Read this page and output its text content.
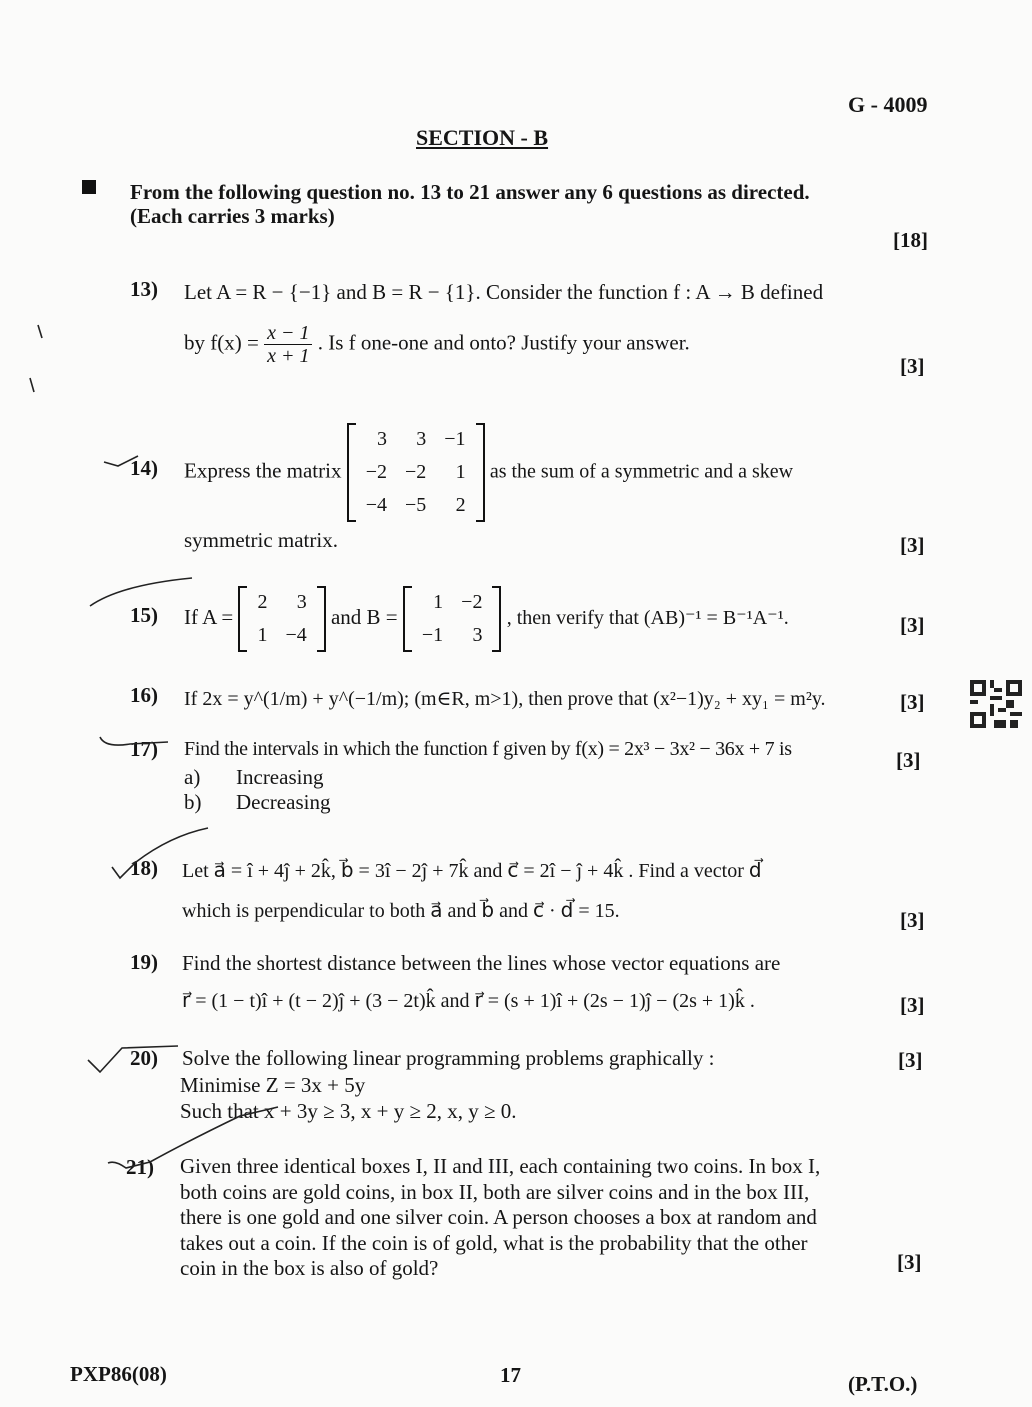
G - 4009
SECTION - B
From the following question no. 13 to 21 answer any 6 questions as directed.
(Each carries 3 marks)
[18]
13) Let A = R − {−1} and B = R − {1}. Consider the function f : A → B defined
by $f(x) = \frac{x - 1}{x + 1}$ . Is f one-one and onto? Justify your answer.
[3]
14) Express the matrix
3	3	−1
−2	−2	1
−4	−5	2
as the sum of a symmetric and a skew
symmetric matrix.	[3]
15) If A =
2	3
1	−4
and B =
1	−2
−1	3
, then verify that (AB)⁻¹ = B⁻¹A⁻¹.	[3]
16) If 2x = y^(1/m) + y^(−1/m); (m∈R, m>1), then prove that (x²−1)y₂ + xy₁ = m²y.	[3]
17) Find the intervals in which the function f given by f(x) = 2x³ − 3x² − 36x + 7 is	[3]
a) Increasing
b) Decreasing
18) Let a⃗ = î + 4ĵ + 2k̂, b⃗ = 3î − 2ĵ + 7k̂ and c⃗ = 2î − ĵ + 4k̂ . Find a vector d⃗
which is perpendicular to both a⃗ and b⃗ and c⃗ · d⃗ = 15.	[3]
19) Find the shortest distance between the lines whose vector equations are
r⃗ = (1 − t)î + (t − 2)ĵ + (3 − 2t)k̂ and r⃗ = (s + 1)î + (2s − 1)ĵ − (2s + 1)k̂ .	[3]
20) Solve the following linear programming problems graphically :
Minimise Z = 3x + 5y
Such that x + 3y ≥ 3, x + y ≥ 2, x, y ≥ 0.
[3]
21) Given three identical boxes I, II and III, each containing two coins. In box I,
both coins are gold coins, in box II, both are silver coins and in the box III,
there is one gold and one silver coin. A person chooses a box at random and
takes out a coin. If the coin is of gold, what is the probability that the other
coin in the box is also of gold?	[3]
PXP86(08)	17	(P.T.O.)
